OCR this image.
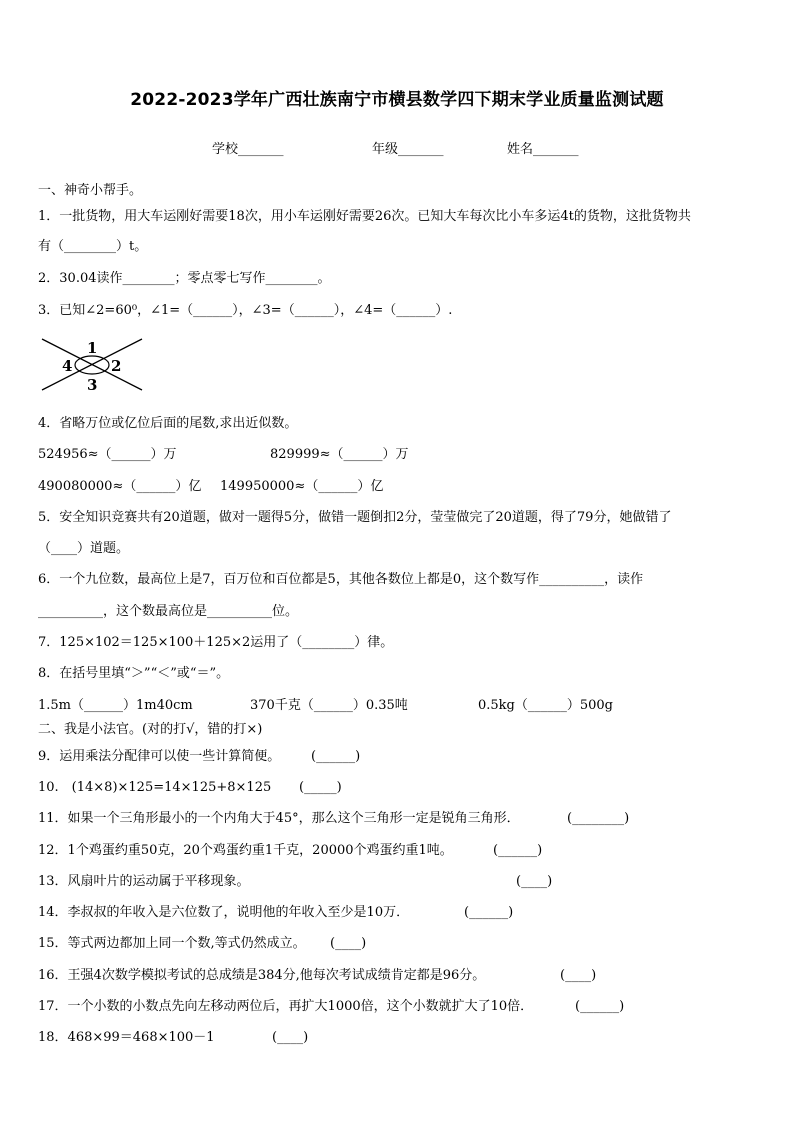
2022-2023学年广西壮族南宁市横县数学四下期末学业质量监测试题
学校_______	年级_______	姓名_______
一、神奇小帮手。
1．一批货物，用大车运刚好需要18次，用小车运刚好需要26次。已知大车每次比小车多运4t的货物，这批货物共
有（________）t。
2．30.04读作________；零点零七写作________。
3．已知∠2=60⁰，∠1=（______），∠3=（______），∠4=（______）.
1
2
3
4
4．省略万位或亿位后面的尾数,求出近似数。
524956≈（______）万	829999≈（______）万
490080000≈（______）亿 149950000≈（______）亿
5．安全知识竞赛共有20道题，做对一题得5分，做错一题倒扣2分，莹莹做完了20道题，得了79分，她做错了
（____）道题。
6．一个九位数，最高位上是7，百万位和百位都是5，其他各数位上都是0，这个数写作__________，读作
__________，这个数最高位是__________位。
7．125×102＝125×100＋125×2运用了（________）律。
8．在括号里填“＞”“＜”或“＝”。
1.5m（______）1m40cm	370千克（______）0.35吨	0.5kg（______）500g
二、我是小法官。(对的打√，错的打×)
9．运用乘法分配律可以使一些计算简便。 (______)
10.　(14×8)×125=14×125+8×125 (_____)
11．如果一个三角形最小的一个内角大于45°，那么这个三角形一定是锐角三角形．	(________)
12．1个鸡蛋约重50克，20个鸡蛋约重1千克，20000个鸡蛋约重1吨。	(______)
13．风扇叶片的运动属于平移现象。	(____)
14．李叔叔的年收入是六位数了，说明他的年收入至少是10万．	(______)
15．等式两边都加上同一个数,等式仍然成立。 (____)
16．王强4次数学模拟考试的总成绩是384分,他每次考试成绩肯定都是96分。	(____)
17．一个小数的小数点先向左移动两位后，再扩大1000倍，这个小数就扩大了10倍．	(______)
18．468×99＝468×100－1	(____)
